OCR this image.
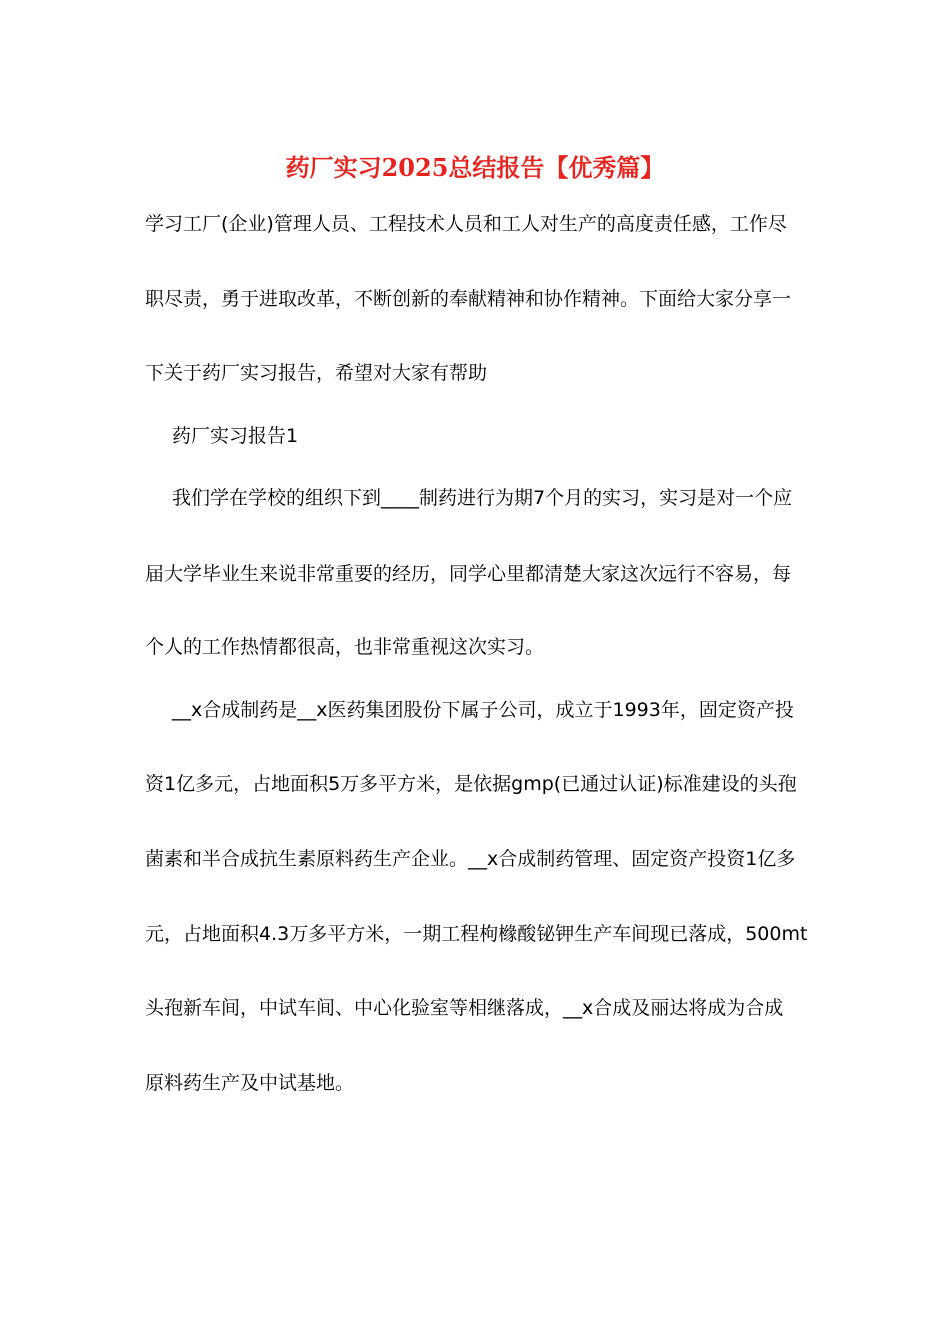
药厂实习2025总结报告【优秀篇】

学习工厂(企业)管理人员、工程技术人员和工人对生产的高度责任感，工作尽

职尽责，勇于进取改革，不断创新的奉献精神和协作精神。下面给大家分享一

下关于药厂实习报告，希望对大家有帮助

药厂实习报告1

我们学在学校的组织下到____制药进行为期7个月的实习，实习是对一个应

届大学毕业生来说非常重要的经历，同学心里都清楚大家这次远行不容易，每

个人的工作热情都很高，也非常重视这次实习。

__x合成制药是__x医药集团股份下属子公司，成立于1993年，固定资产投

资1亿多元，占地面积5万多平方米，是依据gmp(已通过认证)标准建设的头孢

菌素和半合成抗生素原料药生产企业。__x合成制药管理、固定资产投资1亿多

元，占地面积4.3万多平方米，一期工程枸橼酸铋钾生产车间现已落成，500mt

头孢新车间，中试车间、中心化验室等相继落成，__x合成及丽达将成为合成

原料药生产及中试基地。
